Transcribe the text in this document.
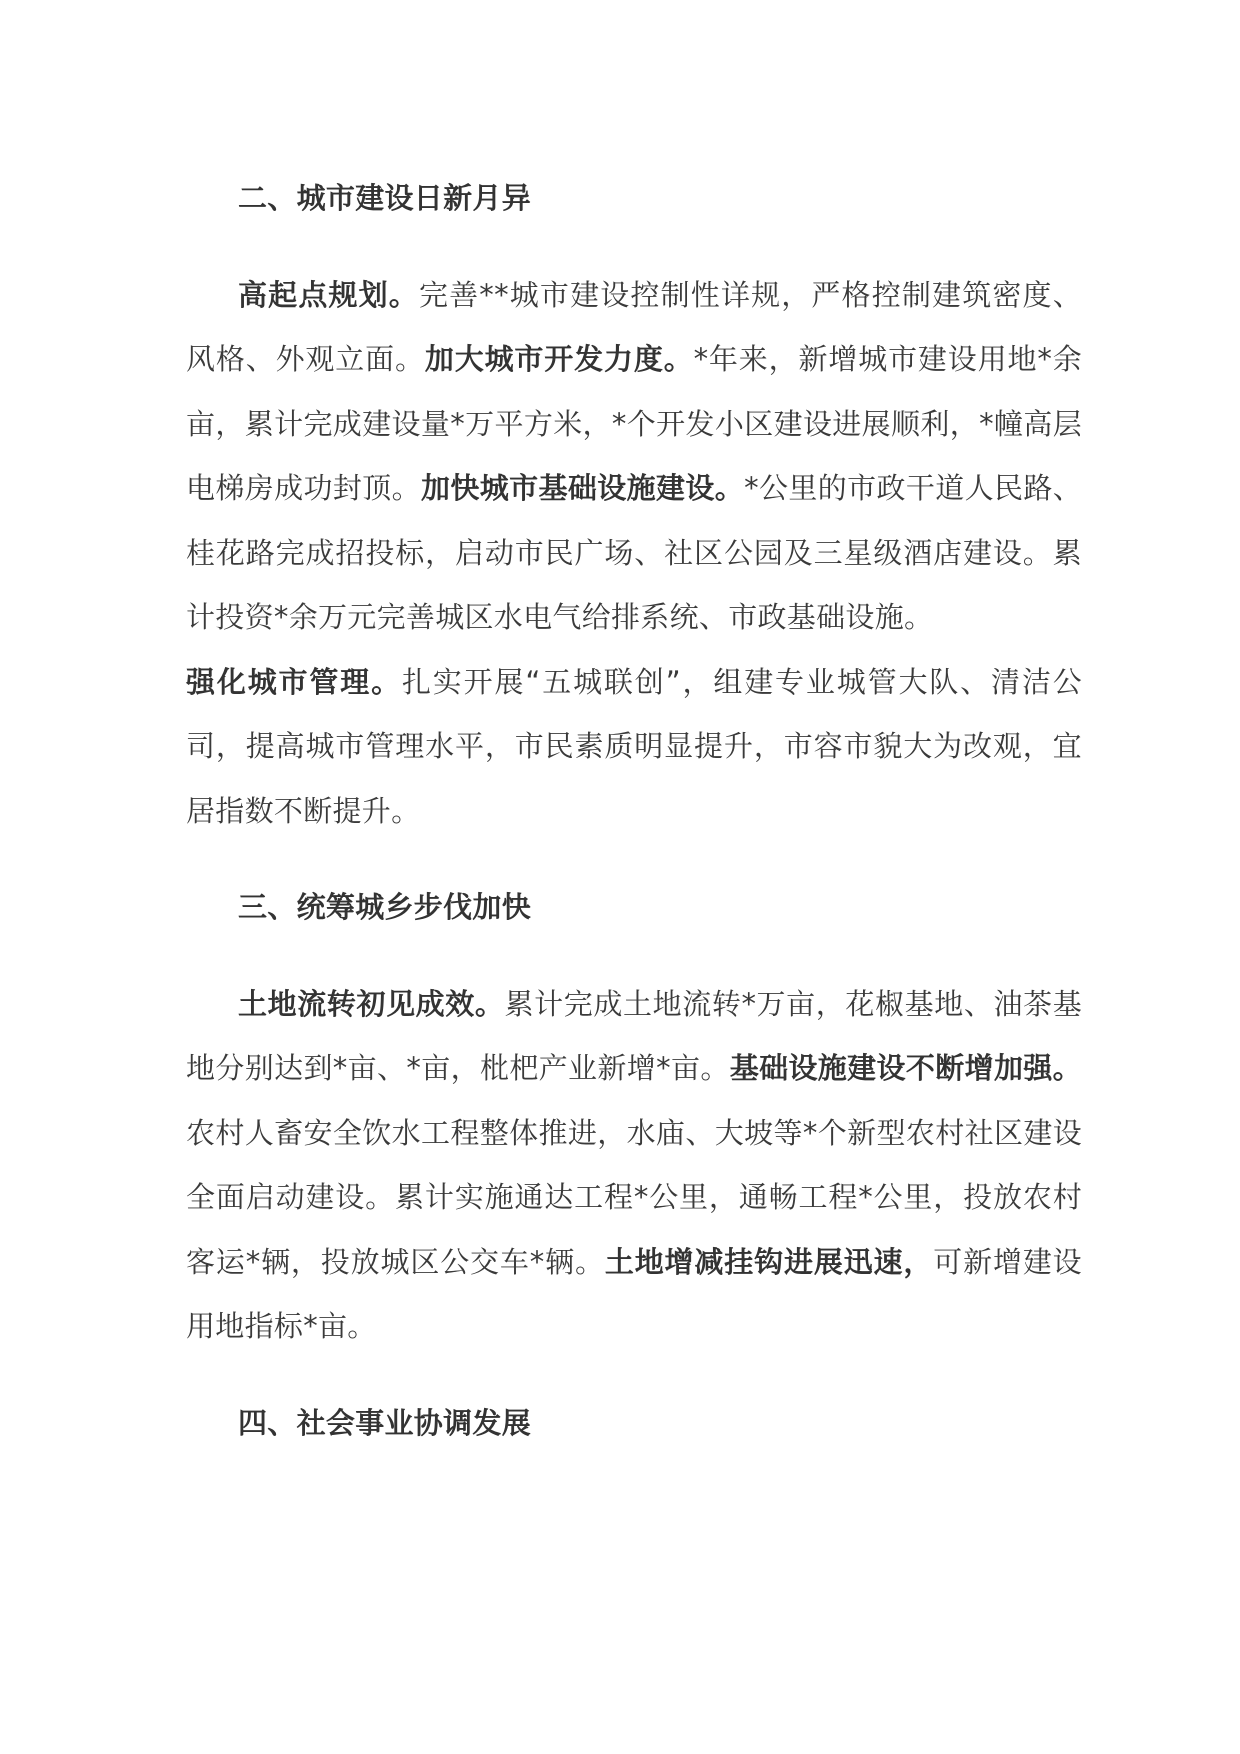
二、城市建设日新月异

高起点规划。完善**城市建设控制性详规，严格控制建筑密度、风格、外观立面。加大城市开发力度。*年来，新增城市建设用地*余亩，累计完成建设量*万平方米，*个开发小区建设进展顺利，*幢高层电梯房成功封顶。加快城市基础设施建设。*公里的市政干道人民路、桂花路完成招投标，启动市民广场、社区公园及三星级酒店建设。累计投资*余万元完善城区水电气给排系统、市政基础设施。
强化城市管理。扎实开展“五城联创”，组建专业城管大队、清洁公司，提高城市管理水平，市民素质明显提升，市容市貌大为改观，宜居指数不断提升。

三、统筹城乡步伐加快

土地流转初见成效。累计完成土地流转*万亩，花椒基地、油茶基地分别达到*亩、*亩，枇杷产业新增*亩。基础设施建设不断增加强。农村人畜安全饮水工程整体推进，水庙、大坡等*个新型农村社区建设全面启动建设。累计实施通达工程*公里，通畅工程*公里，投放农村客运*辆，投放城区公交车*辆。土地增减挂钩进展迅速，可新增建设用地指标*亩。

四、社会事业协调发展
